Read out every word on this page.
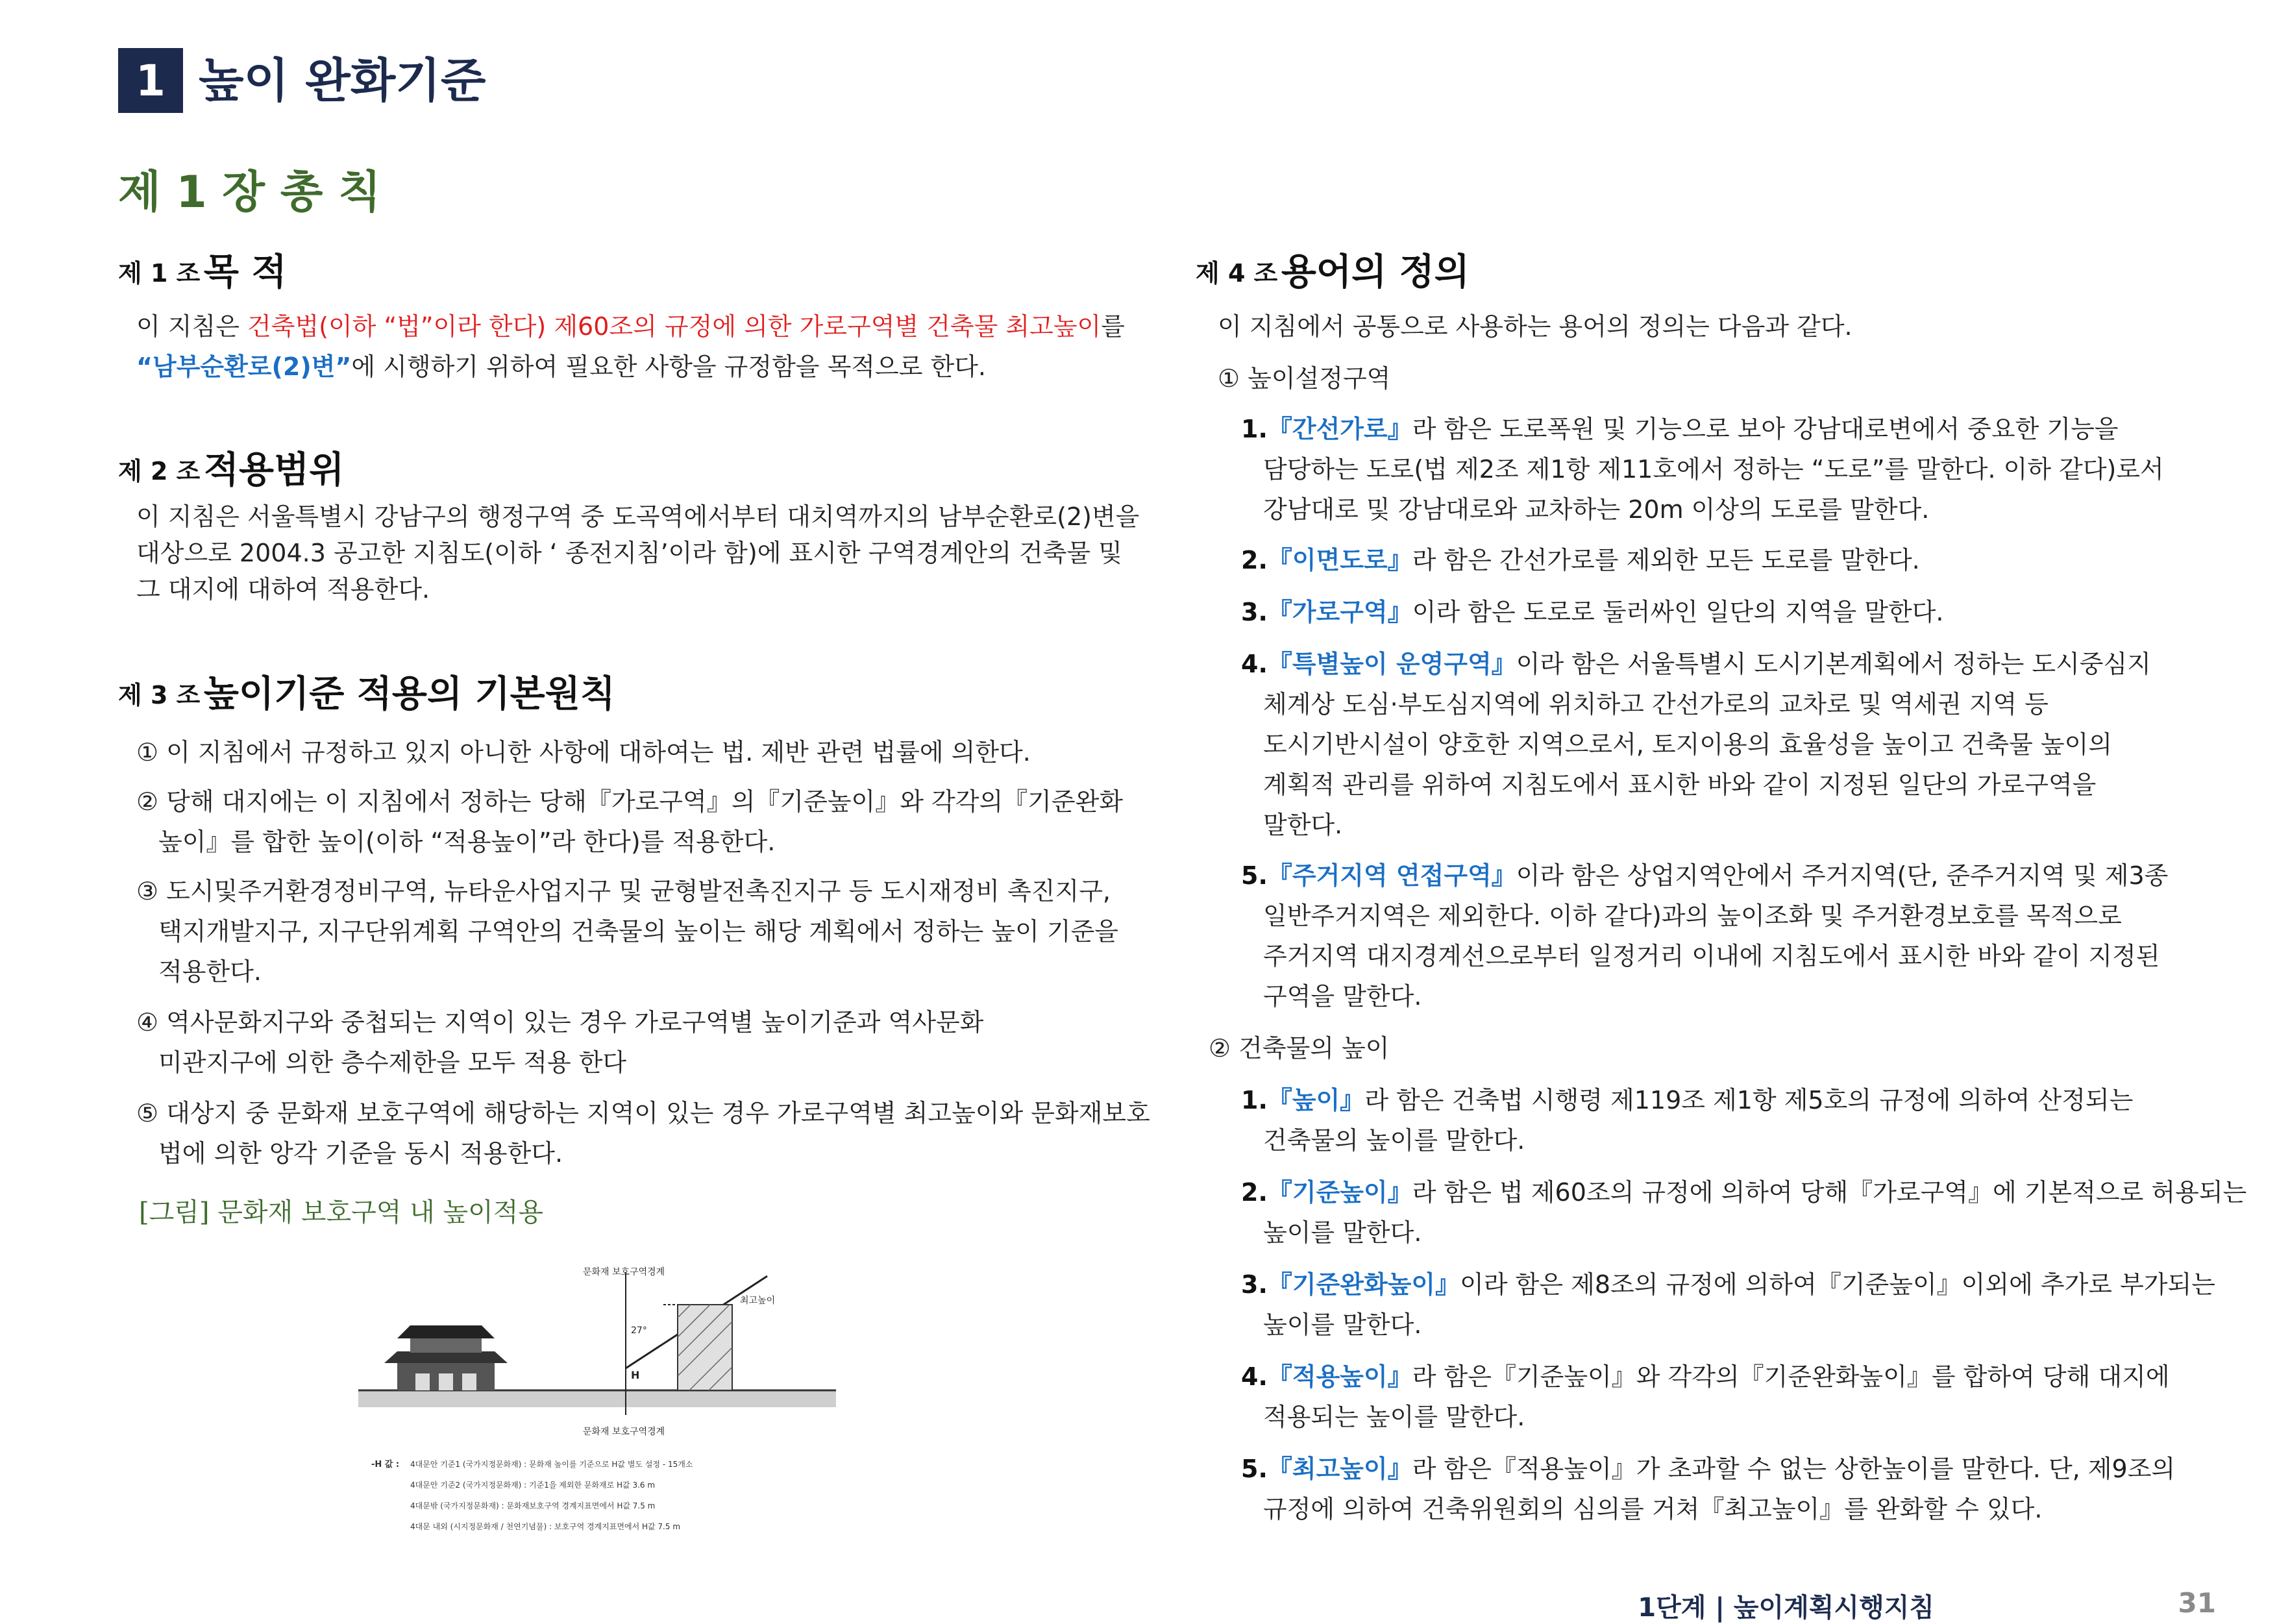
1 높이 완화기준
제 1 장 총 칙
제 1 조 목 적
이 지침은 건축법(이하 “법”이라 한다) 제60조의 규정에 의한 가로구역별 건축물 최고높이를
“남부순환로(2)변”에 시행하기 위하여 필요한 사항을 규정함을 목적으로 한다.
제 2 조 적용범위
이 지침은 서울특별시 강남구의 행정구역 중 도곡역에서부터 대치역까지의 남부순환로(2)변을
대상으로 2004.3 공고한 지침도(이하 ‘ 종전지침’이라 함)에 표시한 구역경계안의 건축물 및
그 대지에 대하여 적용한다.
제 3 조 높이기준 적용의 기본원칙
① 이 지침에서 규정하고 있지 아니한 사항에 대하여는 법. 제반 관련 법률에 의한다.
② 당해 대지에는 이 지침에서 정하는 당해『가로구역』의『기준높이』와 각각의『기준완화
높이』를 합한 높이(이하 “적용높이”라 한다)를 적용한다.
③ 도시및주거환경정비구역, 뉴타운사업지구 및 균형발전촉진지구 등 도시재정비 촉진지구,
택지개발지구, 지구단위계획 구역안의 건축물의 높이는 해당 계획에서 정하는 높이 기준을
적용한다.
④ 역사문화지구와 중첩되는 지역이 있는 경우 가로구역별 높이기준과 역사문화
미관지구에 의한 층수제한을 모두 적용 한다
⑤ 대상지 중 문화재 보호구역에 해당하는 지역이 있는 경우 가로구역별 최고높이와 문화재보호
법에 의한 앙각 기준을 동시 적용한다.
[그림] 문화재 보호구역 내 높이적용
문화재 보호구역경계
최고높이
27°
H
문화재 보호구역경계
-H 값 : 4대문안 기준1 (국가지정문화재) : 문화재 높이를 기준으로 H값 별도 설정 - 15개소
4대문안 기준2 (국가지정문화재) : 기준1을 제외한 문화재로 H값 3.6 m
4대문밖 (국가지정문화재) : 문화재보호구역 경계지표면에서 H값 7.5 m
4대문 내외 (시지정문화재 / 천연기념물) : 보호구역 경계지표면에서 H값 7.5 m
제 4 조 용어의 정의
이 지침에서 공통으로 사용하는 용어의 정의는 다음과 같다.
① 높이설정구역
1.『간선가로』라 함은 도로폭원 및 기능으로 보아 강남대로변에서 중요한 기능을
담당하는 도로(법 제2조 제1항 제11호에서 정하는 “도로”를 말한다. 이하 같다)로서
강남대로 및 강남대로와 교차하는 20m 이상의 도로를 말한다.
2.『이면도로』라 함은 간선가로를 제외한 모든 도로를 말한다.
3.『가로구역』이라 함은 도로로 둘러싸인 일단의 지역을 말한다.
4.『특별높이 운영구역』이라 함은 서울특별시 도시기본계획에서 정하는 도시중심지
체계상 도심·부도심지역에 위치하고 간선가로의 교차로 및 역세권 지역 등
도시기반시설이 양호한 지역으로서, 토지이용의 효율성을 높이고 건축물 높이의
계획적 관리를 위하여 지침도에서 표시한 바와 같이 지정된 일단의 가로구역을
말한다.
5.『주거지역 연접구역』이라 함은 상업지역안에서 주거지역(단, 준주거지역 및 제3종
일반주거지역은 제외한다. 이하 같다)과의 높이조화 및 주거환경보호를 목적으로
주거지역 대지경계선으로부터 일정거리 이내에 지침도에서 표시한 바와 같이 지정된
구역을 말한다.
② 건축물의 높이
1.『높이』라 함은 건축법 시행령 제119조 제1항 제5호의 규정에 의하여 산정되는
건축물의 높이를 말한다.
2.『기준높이』라 함은 법 제60조의 규정에 의하여 당해『가로구역』에 기본적으로 허용되는
높이를 말한다.
3.『기준완화높이』이라 함은 제8조의 규정에 의하여『기준높이』이외에 추가로 부가되는
높이를 말한다.
4.『적용높이』라 함은『기준높이』와 각각의『기준완화높이』를 합하여 당해 대지에
적용되는 높이를 말한다.
5.『최고높이』라 함은『적용높이』가 초과할 수 없는 상한높이를 말한다. 단, 제9조의
규정에 의하여 건축위원회의 심의를 거쳐『최고높이』를 완화할 수 있다.
1단계 | 높이계획시행지침	31
